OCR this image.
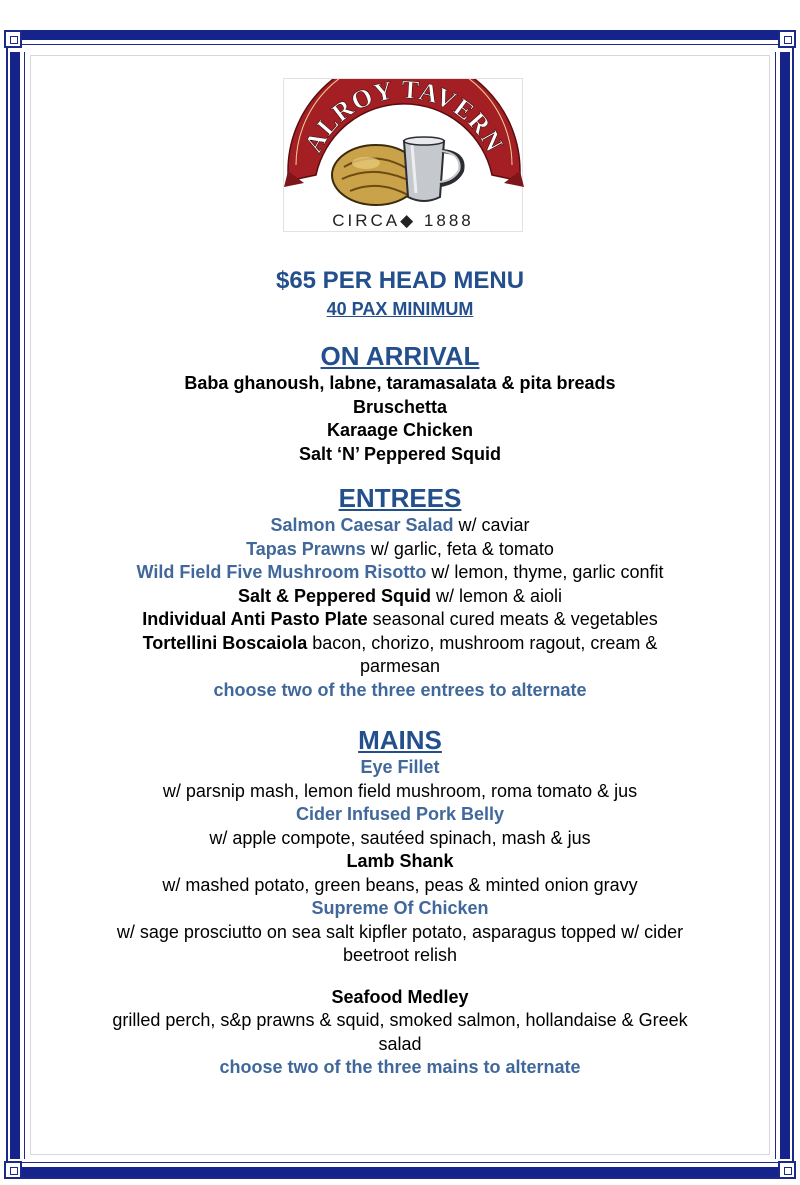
ALROY TAVERN
CIRCA◆ 1888
$65 PER HEAD MENU
40 PAX MINIMUM
ON ARRIVAL
Baba ghanoush, labne, taramasalata & pita breads
Bruschetta
Karaage Chicken
Salt ‘N’ Peppered Squid
ENTREES
Salmon Caesar Salad w/ caviar
Tapas Prawns w/ garlic, feta & tomato
Wild Field Five Mushroom Risotto w/ lemon, thyme, garlic confit
Salt & Peppered Squid w/ lemon & aioli
Individual Anti Pasto Plate seasonal cured meats & vegetables
Tortellini Boscaiola bacon, chorizo, mushroom ragout, cream &
parmesan
choose two of the three entrees to alternate
MAINS
Eye Fillet
w/ parsnip mash, lemon field mushroom, roma tomato & jus
Cider Infused Pork Belly
w/ apple compote, sautéed spinach, mash & jus
Lamb Shank
w/ mashed potato, green beans, peas & minted onion gravy
Supreme Of Chicken
w/ sage prosciutto on sea salt kipfler potato, asparagus topped w/ cider
beetroot relish
Seafood Medley
grilled perch, s&p prawns & squid, smoked salmon, hollandaise & Greek
salad
choose two of the three mains to alternate
